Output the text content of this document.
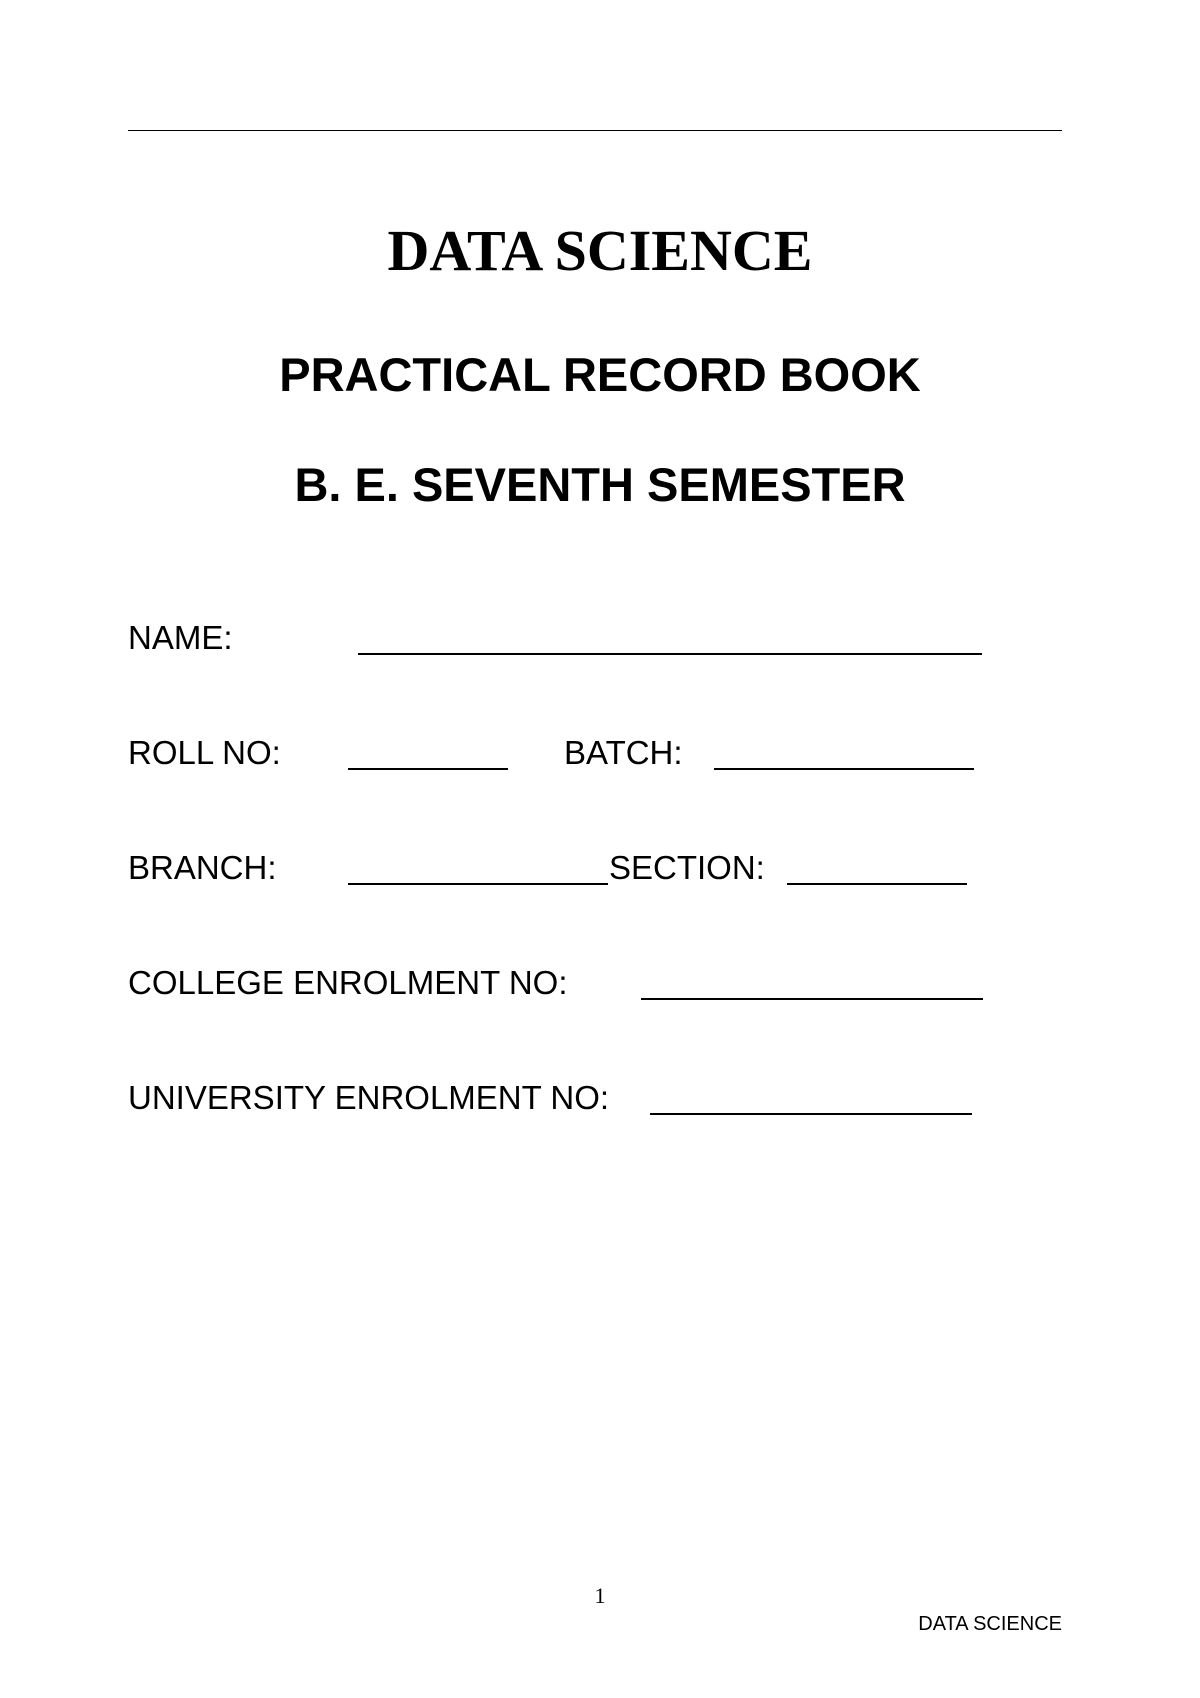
DATA SCIENCE
PRACTICAL RECORD BOOK
B. E. SEVENTH SEMESTER
NAME:
ROLL NO:	BATCH:
BRANCH:	SECTION:
COLLEGE ENROLMENT NO:
UNIVERSITY ENROLMENT NO:
1
DATA SCIENCE
